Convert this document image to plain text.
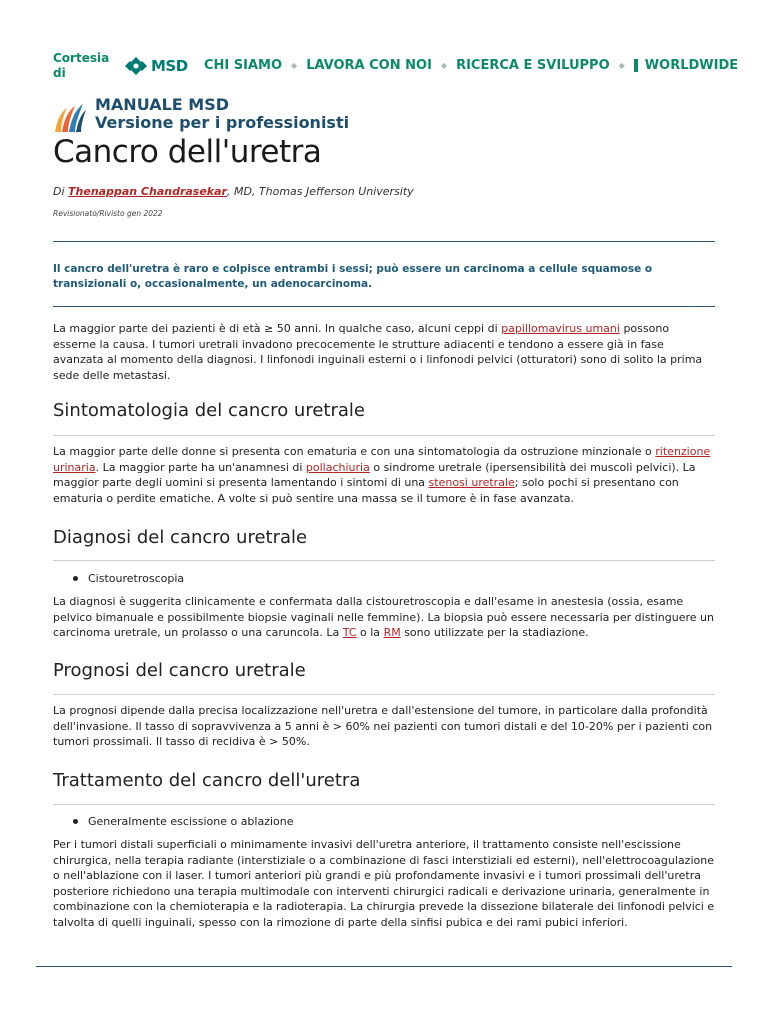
Cortesia di	MSD CHI SIAMO ◆ LAVORA CON NOI ◆ RICERCA E SVILUPPO ◆	WORLDWIDE
MANUALE MSD
Versione per i professionisti
Cancro dell'uretra
Di Thenappan Chandrasekar, MD, Thomas Jefferson University
Revisionato/Rivisto gen 2022
Il cancro dell'uretra è raro e colpisce entrambi i sessi; può essere un carcinoma a cellule squamose o transizionali o, occasionalmente, un adenocarcinoma.
La maggior parte dei pazienti è di età ≥ 50 anni. In qualche caso, alcuni ceppi di papillomavirus umani possono esserne la causa. I tumori uretrali invadono precocemente le strutture adiacenti e tendono a essere già in fase avanzata al momento della diagnosi. I linfonodi inguinali esterni o i linfonodi pelvici (otturatori) sono di solito la prima sede delle metastasi.
Sintomatologia del cancro uretrale
La maggior parte delle donne si presenta con ematuria e con una sintomatologia da ostruzione minzionale o ritenzione urinaria. La maggior parte ha un'anamnesi di pollachiuria o sindrome uretrale (ipersensibilità dei muscoli pelvici). La maggior parte degli uomini si presenta lamentando i sintomi di una stenosi uretrale; solo pochi si presentano con ematuria o perdite ematiche. A volte si può sentire una massa se il tumore è in fase avanzata.
Diagnosi del cancro uretrale
Cistouretroscopia
La diagnosi è suggerita clinicamente e confermata dalla cistouretroscopia e dall'esame in anestesia (ossia, esame pelvico bimanuale e possibilmente biopsie vaginali nelle femmine). La biopsia può essere necessaria per distinguere un carcinoma uretrale, un prolasso o una caruncola. La TC o la RM sono utilizzate per la stadiazione.
Prognosi del cancro uretrale
La prognosi dipende dalla precisa localizzazione nell'uretra e dall'estensione del tumore, in particolare dalla profondità dell'invasione. Il tasso di sopravvivenza a 5 anni è > 60% nei pazienti con tumori distali e del 10-20% per i pazienti con tumori prossimali. Il tasso di recidiva è > 50%.
Trattamento del cancro dell'uretra
Generalmente escissione o ablazione
Per i tumori distali superficiali o minimamente invasivi dell'uretra anteriore, il trattamento consiste nell'escissione chirurgica, nella terapia radiante (interstiziale o a combinazione di fasci interstiziali ed esterni), nell'elettrocoagulazione o nell'ablazione con il laser. I tumori anteriori più grandi e più profondamente invasivi e i tumori prossimali dell'uretra posteriore richiedono una terapia multimodale con interventi chirurgici radicali e derivazione urinaria, generalmente in combinazione con la chemioterapia e la radioterapia. La chirurgia prevede la dissezione bilaterale dei linfonodi pelvici e talvolta di quelli inguinali, spesso con la rimozione di parte della sinfisi pubica e dei rami pubici inferiori.
